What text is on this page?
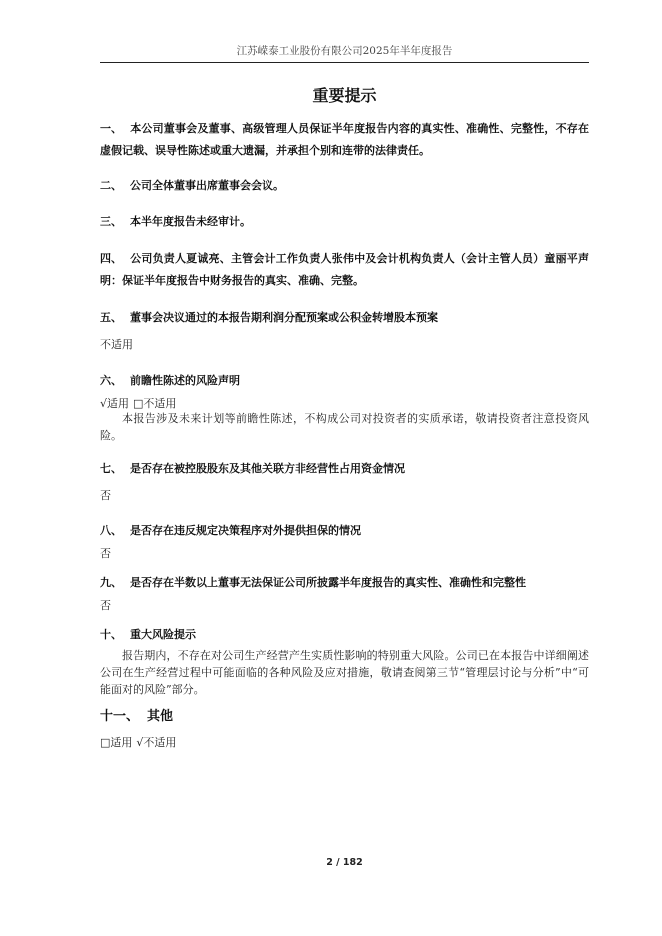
江苏嵘泰工业股份有限公司2025年半年度报告
重要提示
一、 本公司董事会及董事、高级管理人员保证半年度报告内容的真实性、准确性、完整性，不存在虚假记载、误导性陈述或重大遗漏，并承担个别和连带的法律责任。
二、 公司全体董事出席董事会会议。
三、 本半年度报告未经审计。
四、 公司负责人夏诚亮、主管会计工作负责人张伟中及会计机构负责人（会计主管人员）童丽平声明：保证半年度报告中财务报告的真实、准确、完整。
五、 董事会决议通过的本报告期利润分配预案或公积金转增股本预案
不适用
六、 前瞻性陈述的风险声明
√适用 □不适用
本报告涉及未来计划等前瞻性陈述，不构成公司对投资者的实质承诺，敬请投资者注意投资风险。
七、 是否存在被控股股东及其他关联方非经营性占用资金情况
否
八、 是否存在违反规定决策程序对外提供担保的情况
否
九、 是否存在半数以上董事无法保证公司所披露半年度报告的真实性、准确性和完整性
否
十、 重大风险提示
报告期内，不存在对公司生产经营产生实质性影响的特别重大风险。公司已在本报告中详细阐述公司在生产经营过程中可能面临的各种风险及应对措施，敬请查阅第三节“管理层讨论与分析”中“可能面对的风险”部分。
十一、 其他
□适用 √不适用
2 / 182
